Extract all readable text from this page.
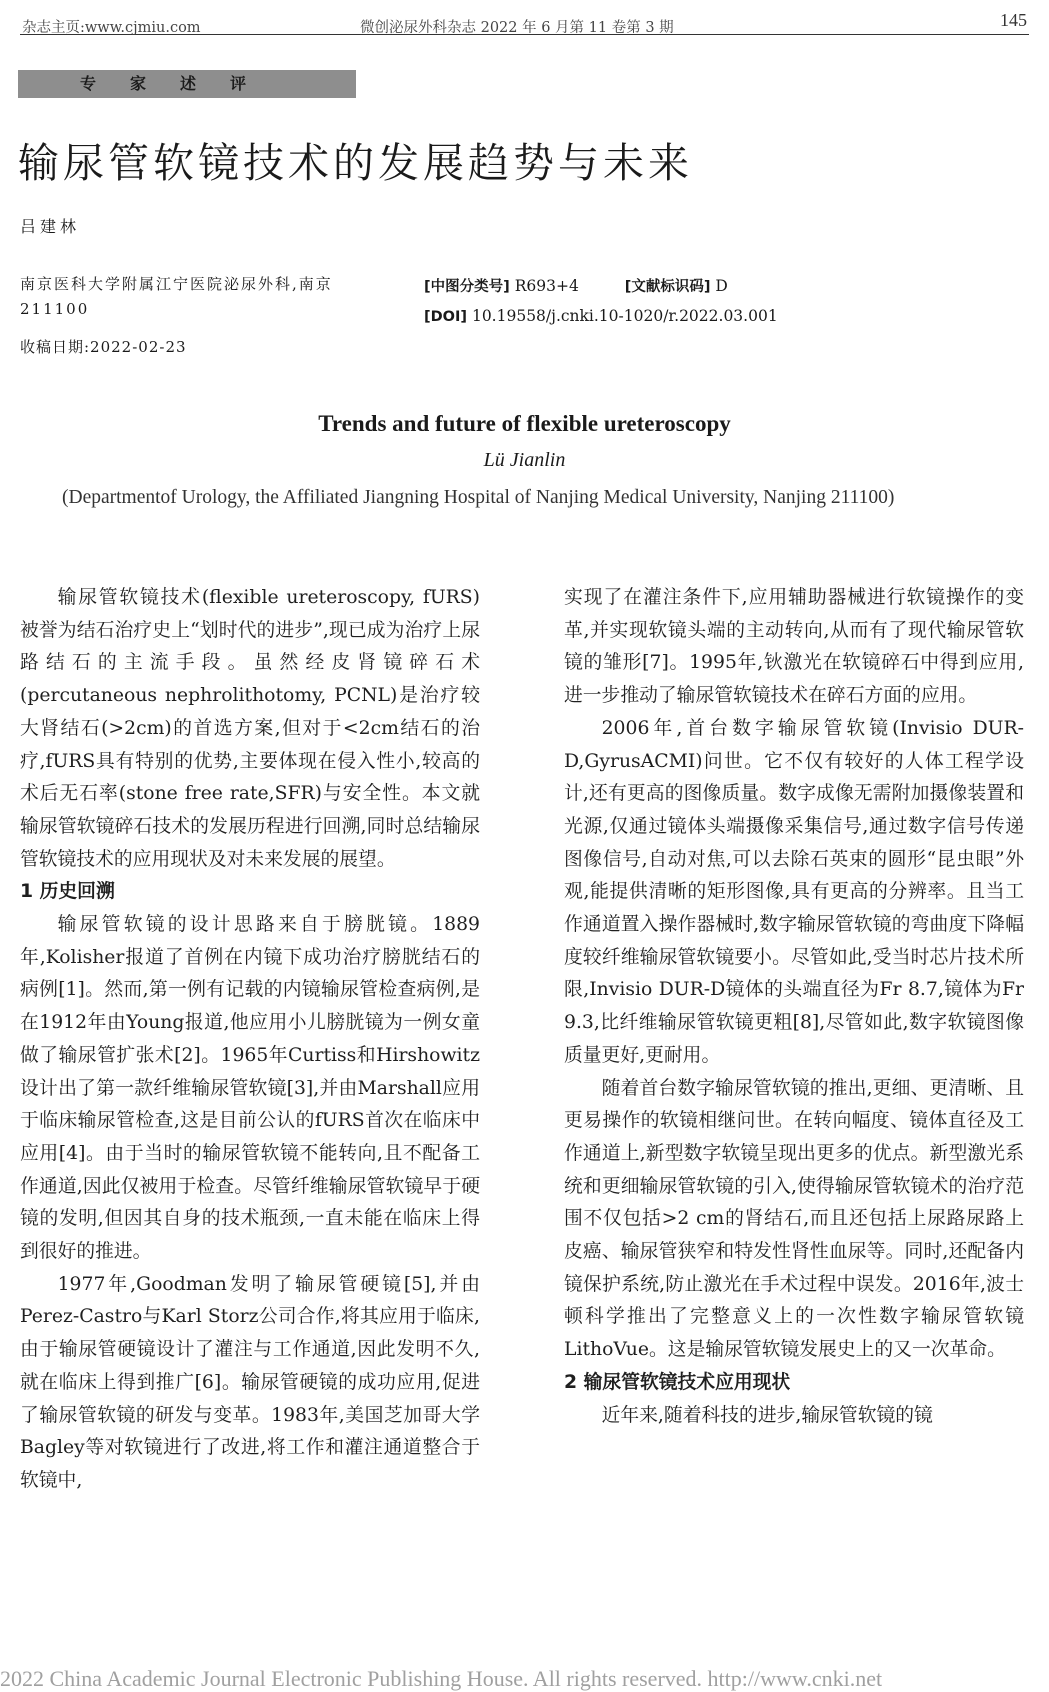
杂志主页:www.cjmiu.com	微创泌尿外科杂志 2022 年 6 月第 11 卷第 3 期	145
专家述评
输尿管软镜技术的发展趋势与未来
吕建林
南京医科大学附属江宁医院泌尿外科,南京 211100
收稿日期:2022-02-23
[中图分类号] R693+4	[文献标识码] D
[DOI] 10.19558/j.cnki.10-1020/r.2022.03.001
Trends and future of flexible ureteroscopy
Lü Jianlin
(Departmentof Urology, the Affiliated Jiangning Hospital of Nanjing Medical University, Nanjing 211100)

输尿管软镜技术(flexible ureteroscopy, fURS)被誉为结石治疗史上“划时代的进步”,现已成为治疗上尿路结石的主流手段。虽然经皮肾镜碎石术(percutaneous nephrolithotomy, PCNL)是治疗较大肾结石(>2cm)的首选方案,但对于<2cm结石的治疗,fURS具有特别的优势,主要体现在侵入性小,较高的术后无石率(stone free rate,SFR)与安全性。本文就输尿管软镜碎石技术的发展历程进行回溯,同时总结输尿管软镜技术的应用现状及对未来发展的展望。

1 历史回溯

输尿管软镜的设计思路来自于膀胱镜。1889年,Kolisher报道了首例在内镜下成功治疗膀胱结石的病例[1]。然而,第一例有记载的内镜输尿管检查病例,是在1912年由Young报道,他应用小儿膀胱镜为一例女童做了输尿管扩张术[2]。1965年Curtiss和Hirshowitz设计出了第一款纤维输尿管软镜[3],并由Marshall应用于临床输尿管检查,这是目前公认的fURS首次在临床中应用[4]。由于当时的输尿管软镜不能转向,且不配备工作通道,因此仅被用于检查。尽管纤维输尿管软镜早于硬镜的发明,但因其自身的技术瓶颈,一直未能在临床上得到很好的推进。

1977年,Goodman发明了输尿管硬镜[5],并由Perez-Castro与Karl Storz公司合作,将其应用于临床,由于输尿管硬镜设计了灌注与工作通道,因此发明不久,就在临床上得到推广[6]。输尿管硬镜的成功应用,促进了输尿管软镜的研发与变革。1983年,美国芝加哥大学Bagley等对软镜进行了改进,将工作和灌注通道整合于软镜中,

实现了在灌注条件下,应用辅助器械进行软镜操作的变革,并实现软镜头端的主动转向,从而有了现代输尿管软镜的雏形[7]。1995年,钬激光在软镜碎石中得到应用,进一步推动了输尿管软镜技术在碎石方面的应用。

2006年,首台数字输尿管软镜(Invisio DUR-D,GyrusACMI)问世。它不仅有较好的人体工程学设计,还有更高的图像质量。数字成像无需附加摄像装置和光源,仅通过镜体头端摄像采集信号,通过数字信号传递图像信号,自动对焦,可以去除石英束的圆形“昆虫眼”外观,能提供清晰的矩形图像,具有更高的分辨率。且当工作通道置入操作器械时,数字输尿管软镜的弯曲度下降幅度较纤维输尿管软镜要小。尽管如此,受当时芯片技术所限,Invisio DUR-D镜体的头端直径为Fr 8.7,镜体为Fr 9.3,比纤维输尿管软镜更粗[8],尽管如此,数字软镜图像质量更好,更耐用。

随着首台数字输尿管软镜的推出,更细、更清晰、且更易操作的软镜相继问世。在转向幅度、镜体直径及工作通道上,新型数字软镜呈现出更多的优点。新型激光系统和更细输尿管软镜的引入,使得输尿管软镜术的治疗范围不仅包括>2 cm的肾结石,而且还包括上尿路尿路上皮癌、输尿管狭窄和特发性肾性血尿等。同时,还配备内镜保护系统,防止激光在手术过程中误发。2016年,波士顿科学推出了完整意义上的一次性数字输尿管软镜LithoVue。这是输尿管软镜发展史上的又一次革命。

2 输尿管软镜技术应用现状

近年来,随着科技的进步,输尿管软镜的镜

2022 China Academic Journal Electronic Publishing House. All rights reserved. http://www.cnki.net
